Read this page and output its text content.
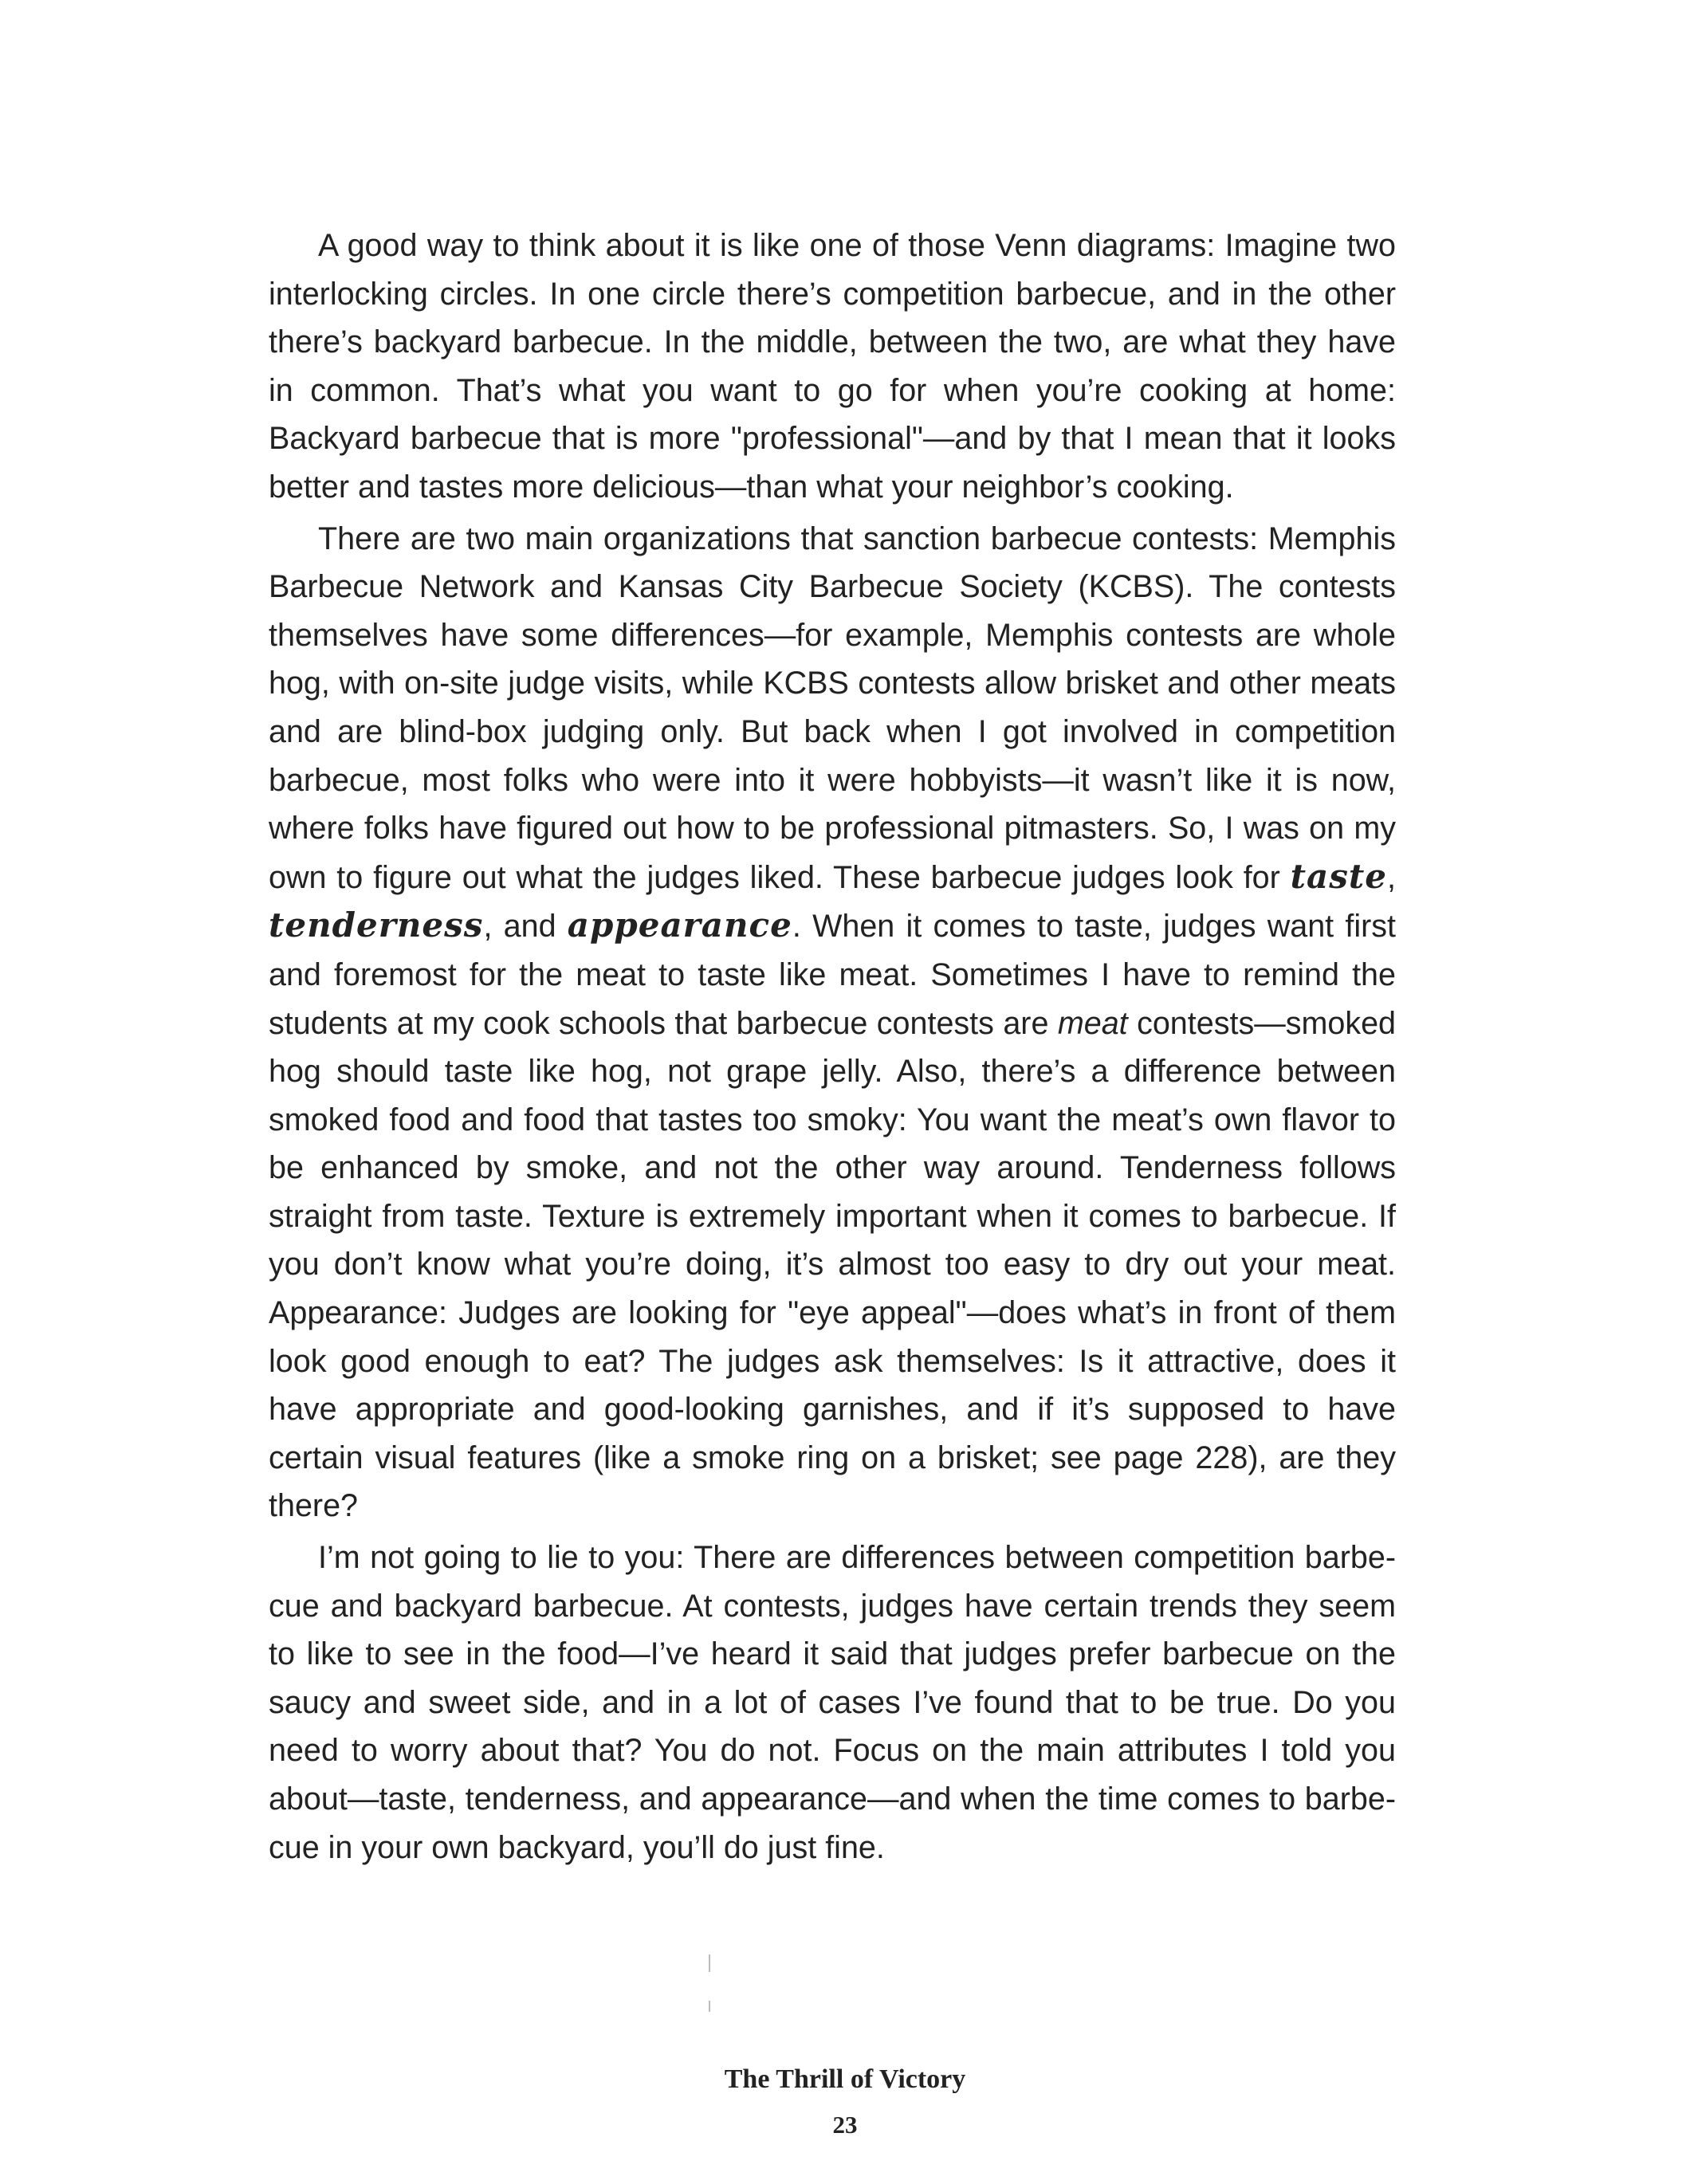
A good way to think about it is like one of those Venn diagrams: Imagine two interlocking circles. In one circle there’s competition barbecue, and in the other there’s backyard barbecue. In the middle, between the two, are what they have in common. That’s what you want to go for when you’re cooking at home: Backyard barbecue that is more "professional"—and by that I mean that it looks better and tastes more delicious—than what your neighbor’s cooking.

There are two main organizations that sanction barbecue contests: Memphis Barbecue Network and Kansas City Barbecue Society (KCBS). The contests themselves have some differences—for example, Memphis contests are whole hog, with on-site judge visits, while KCBS contests allow brisket and other meats and are blind-box judging only. But back when I got involved in competition barbecue, most folks who were into it were hobbyists—it wasn’t like it is now, where folks have figured out how to be professional pitmasters. So, I was on my own to figure out what the judges liked. These barbecue judges look for taste, tenderness, and appearance. When it comes to taste, judges want first and foremost for the meat to taste like meat. Sometimes I have to remind the students at my cook schools that barbecue contests are meat contests—smoked hog should taste like hog, not grape jelly. Also, there’s a difference between smoked food and food that tastes too smoky: You want the meat’s own flavor to be enhanced by smoke, and not the other way around. Tenderness follows straight from taste. Texture is extremely important when it comes to barbecue. If you don’t know what you’re doing, it’s almost too easy to dry out your meat. Appearance: Judges are looking for "eye appeal"—does what’s in front of them look good enough to eat? The judges ask themselves: Is it attractive, does it have appropriate and good-looking garnishes, and if it’s supposed to have certain visual features (like a smoke ring on a brisket; see page 228), are they there?

I’m not going to lie to you: There are differences between competition barbecue and backyard barbecue. At contests, judges have certain trends they seem to like to see in the food—I’ve heard it said that judges prefer barbecue on the saucy and sweet side, and in a lot of cases I’ve found that to be true. Do you need to worry about that? You do not. Focus on the main attributes I told you about—taste, tenderness, and appearance—and when the time comes to barbecue in your own backyard, you’ll do just fine.

The Thrill of Victory
23
